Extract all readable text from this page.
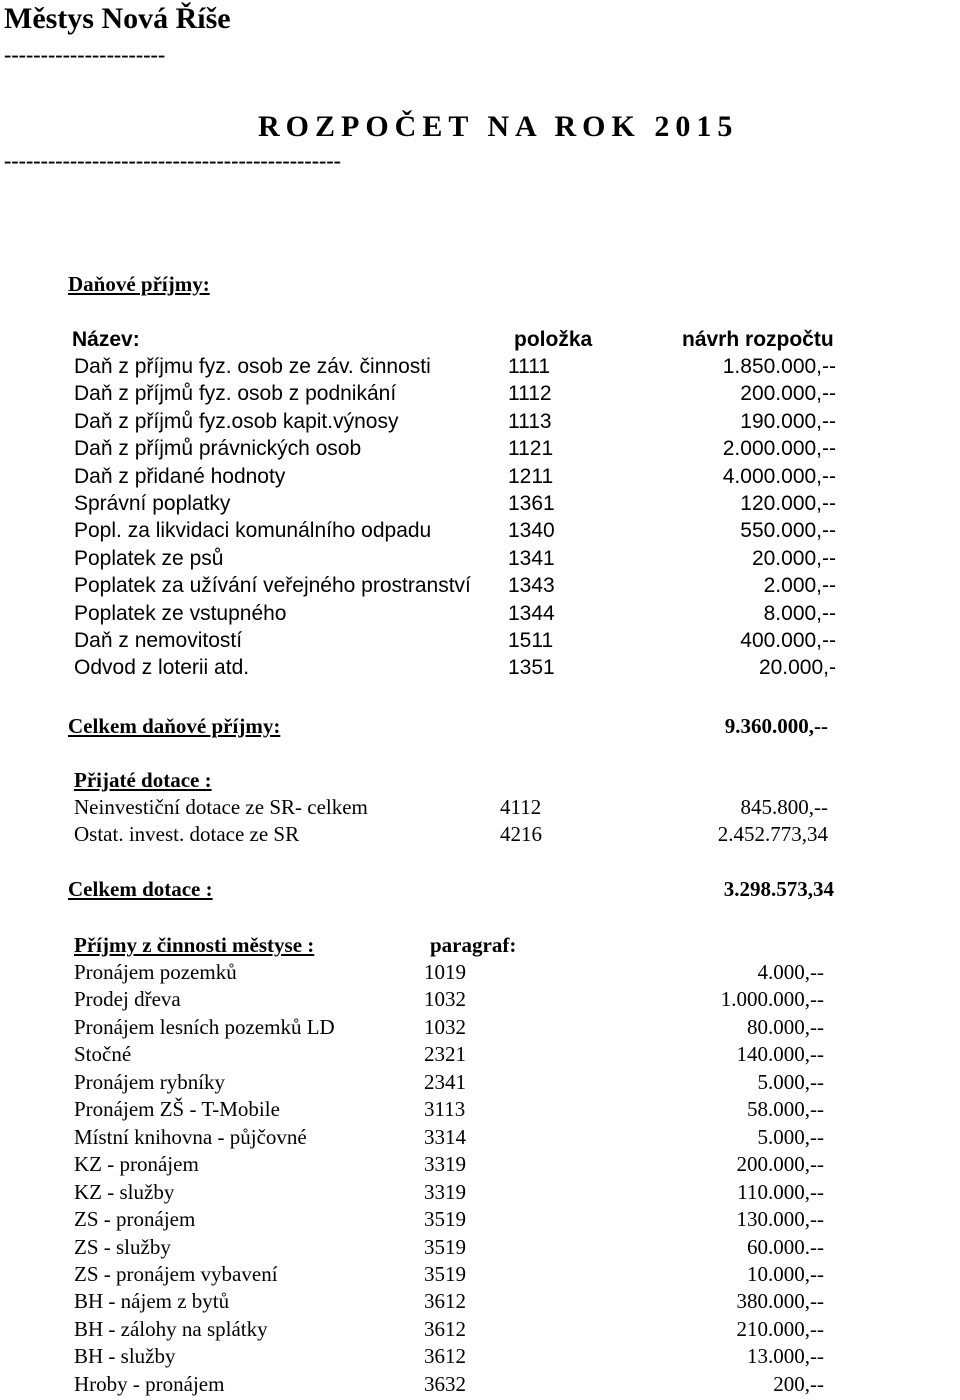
Městys Nová Říše
----------------------
ROZPOČET NA ROK 2015
----------------------------------------------
Daňové příjmy:
Název:	položka	návrh rozpočtu
Daň z příjmu fyz. osob ze záv. činnosti	1111	1.850.000,--
Daň z příjmů fyz. osob z podnikání	1112	200.000,--
Daň z příjmů fyz.osob kapit.výnosy	1113	190.000,--
Daň z příjmů právnických osob	1121	2.000.000,--
Daň z přidané hodnoty	1211	4.000.000,--
Správní poplatky	1361	120.000,--
Popl. za likvidaci komunálního odpadu	1340	550.000,--
Poplatek ze psů	1341	20.000,--
Poplatek za užívání veřejného prostranství 1343	2.000,--
Poplatek ze vstupného	1344	8.000,--
Daň z nemovitostí	1511	400.000,--
Odvod z loterii atd.	1351	20.000,-
Celkem daňové příjmy:	9.360.000,--
Přijaté dotace :
Neinvestiční dotace ze SR- celkem	4112	845.800,--
Ostat. invest. dotace ze SR	4216	2.452.773,34
Celkem dotace :	3.298.573,34
Příjmy z činnosti městyse :	paragraf:
Pronájem pozemků	1019	4.000,--
Prodej dřeva	1032	1.000.000,--
Pronájem lesních pozemků LD	1032	80.000,--
Stočné	2321	140.000,--
Pronájem rybníky	2341	5.000,--
Pronájem ZŠ - T-Mobile	3113	58.000,--
Místní knihovna - půjčovné	3314	5.000,--
KZ - pronájem	3319	200.000,--
KZ - služby	3319	110.000,--
ZS - pronájem	3519	130.000,--
ZS - služby	3519	60.000.--
ZS - pronájem vybavení	3519	10.000,--
BH - nájem z bytů	3612	380.000,--
BH - zálohy na splátky	3612	210.000,--
BH - služby	3612	13.000,--
Hroby - pronájem	3632	200,--
